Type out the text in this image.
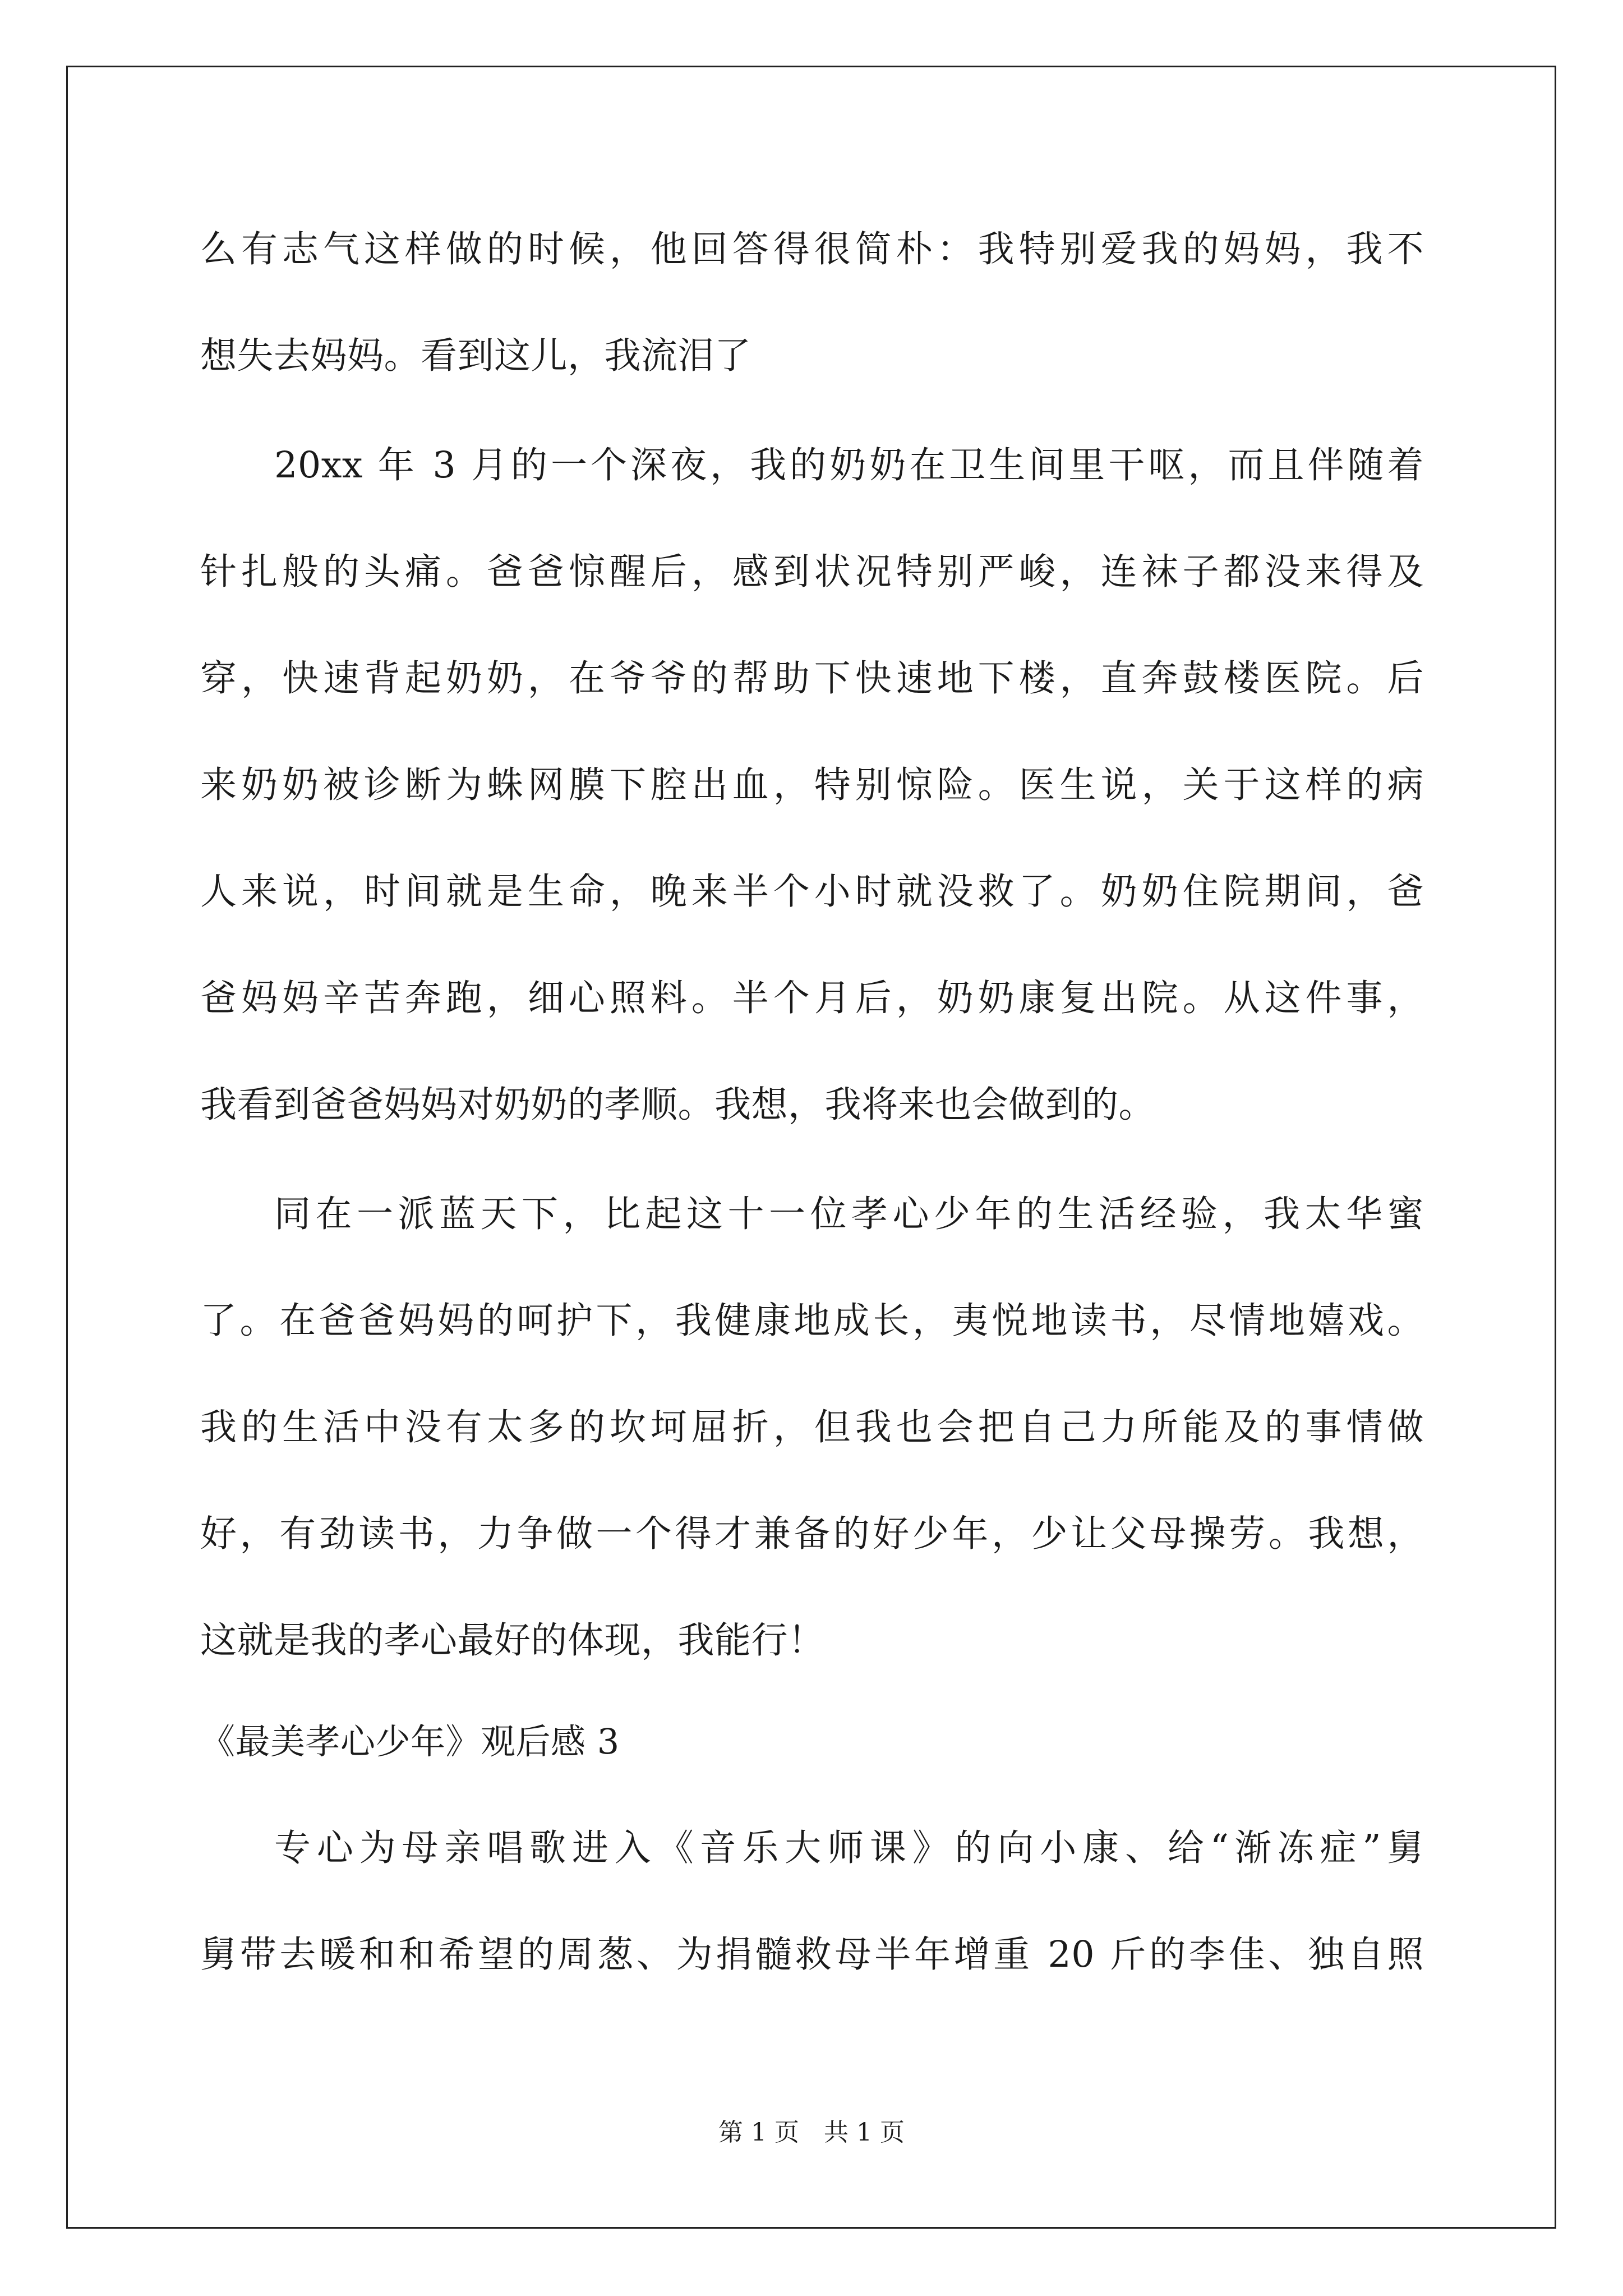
么有志气这样做的时候，他回答得很简朴：我特别爱我的妈妈，我不

想失去妈妈。看到这儿，我流泪了

20xx 年 3 月的一个深夜，我的奶奶在卫生间里干呕，而且伴随着

针扎般的头痛。爸爸惊醒后，感到状况特别严峻，连袜子都没来得及

穿，快速背起奶奶，在爷爷的帮助下快速地下楼，直奔鼓楼医院。后

来奶奶被诊断为蛛网膜下腔出血，特别惊险。医生说，关于这样的病

人来说，时间就是生命，晚来半个小时就没救了。奶奶住院期间，爸

爸妈妈辛苦奔跑，细心照料。半个月后，奶奶康复出院。从这件事，

我看到爸爸妈妈对奶奶的孝顺。我想，我将来也会做到的。

同在一派蓝天下，比起这十一位孝心少年的生活经验，我太华蜜

了。在爸爸妈妈的呵护下，我健康地成长，夷悦地读书，尽情地嬉戏。

我的生活中没有太多的坎坷屈折，但我也会把自己力所能及的事情做

好，有劲读书，力争做一个得才兼备的好少年，少让父母操劳。我想，

这就是我的孝心最好的体现，我能行！

《最美孝心少年》观后感 3

专心为母亲唱歌进入《音乐大师课》的向小康、给“渐冻症”舅

舅带去暖和和希望的周葱、为捐髓救母半年增重 20 斤的李佳、独自照

第 1 页　共 1 页
